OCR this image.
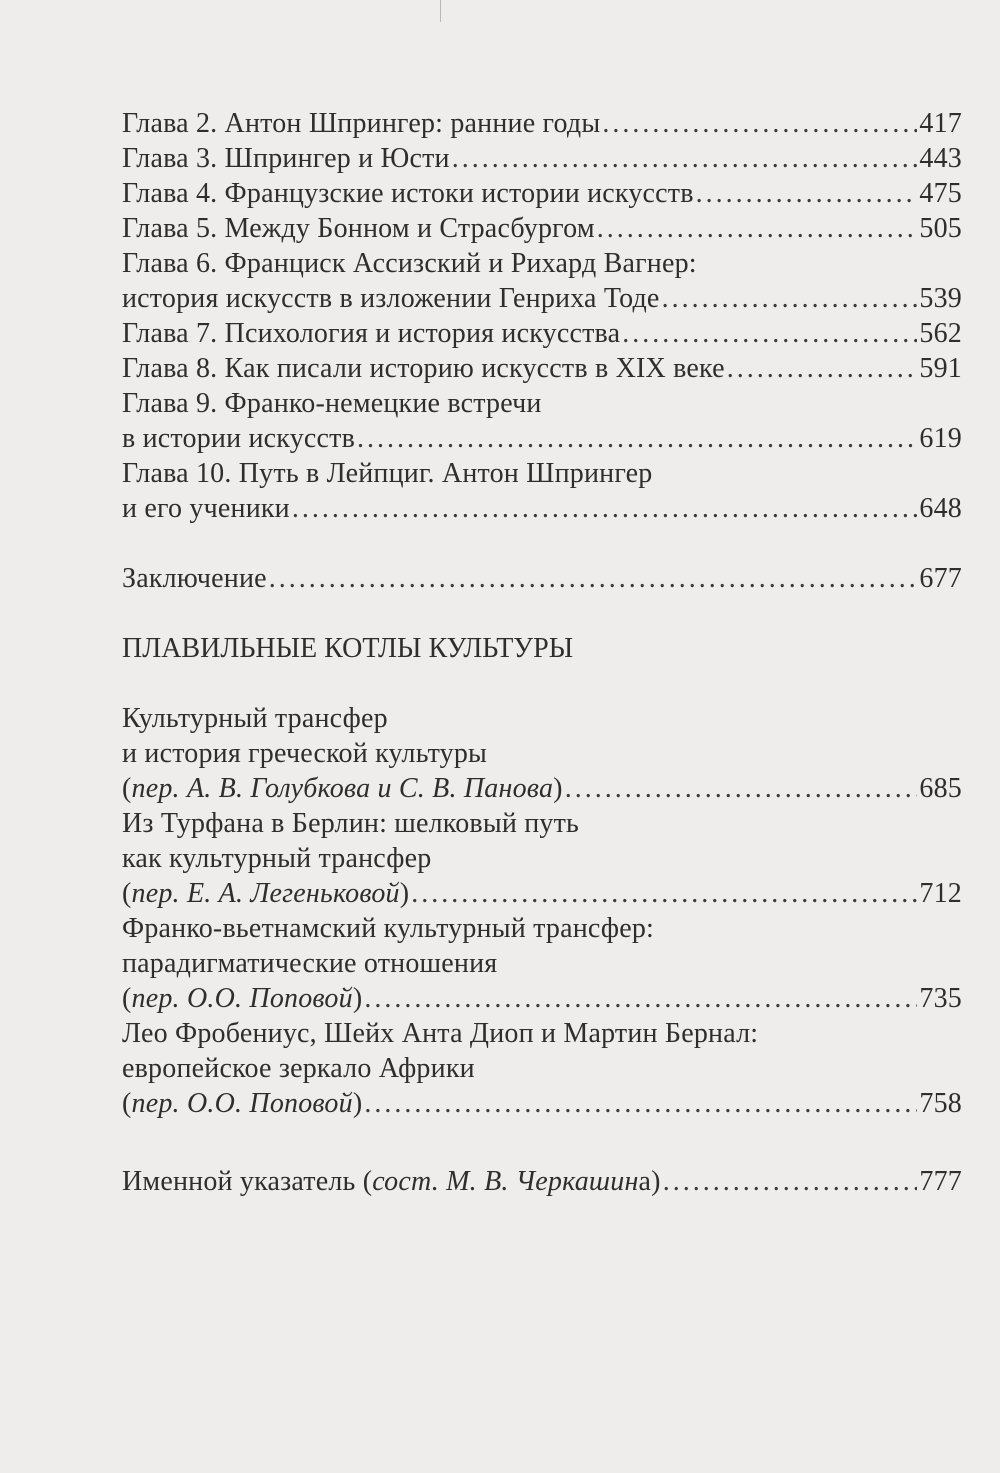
Глава 2. Антон Шпрингер: ранние годы . . .	417
Глава 3. Шпрингер и Юсти . . .	443
Глава 4. Французские истоки истории искусств . . .	475
Глава 5. Между Бонном и Страсбургом . . .	505
Глава 6. Франциск Ассизский и Рихард Вагнер:
история искусств в изложении Генриха Тоде . . .	539
Глава 7. Психология и история искусства . . .	562
Глава 8. Как писали историю искусств в XIX веке . . .	591
Глава 9. Франко-немецкие встречи
в истории искусств . . .	619
Глава 10. Путь в Лейпциг. Антон Шпрингер
и его ученики . . .	648
Заключение . . .	677
ПЛАВИЛЬНЫЕ КОТЛЫ КУЛЬТУРЫ
Культурный трансфер
и история греческой культуры
(пер. А. В. Голубкова и С. В. Панова) . . .	685
Из Турфана в Берлин: шелковый путь
как культурный трансфер
(пер. Е. А. Легеньковой) . . .	712
Франко-вьетнамский культурный трансфер:
парадигматические отношения
(пер. О.О. Поповой) . . .	735
Лео Фробениус, Шейх Анта Диоп и Мартин Бернал:
европейское зеркало Африки
(пер. О.О. Поповой) . . .	758
Именной указатель (сост. М. В. Черкашина) . . .	777
